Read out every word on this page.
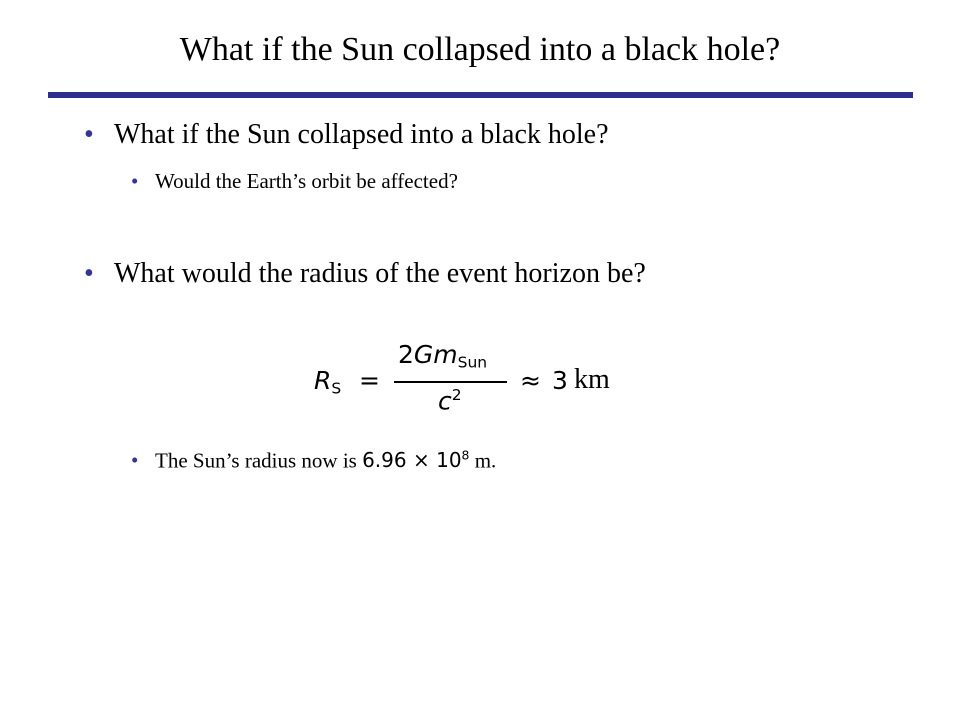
What if the Sun collapsed into a black hole?
• What if the Sun collapsed into a black hole?
• Would the Earth’s orbit be affected?
• What would the radius of the event horizon be?
$R_S$ =
$2Gm_{Sun}$
$c^2 \approx 3$ km
• The Sun’s radius now is $6.96 \times 10^8$ m.
